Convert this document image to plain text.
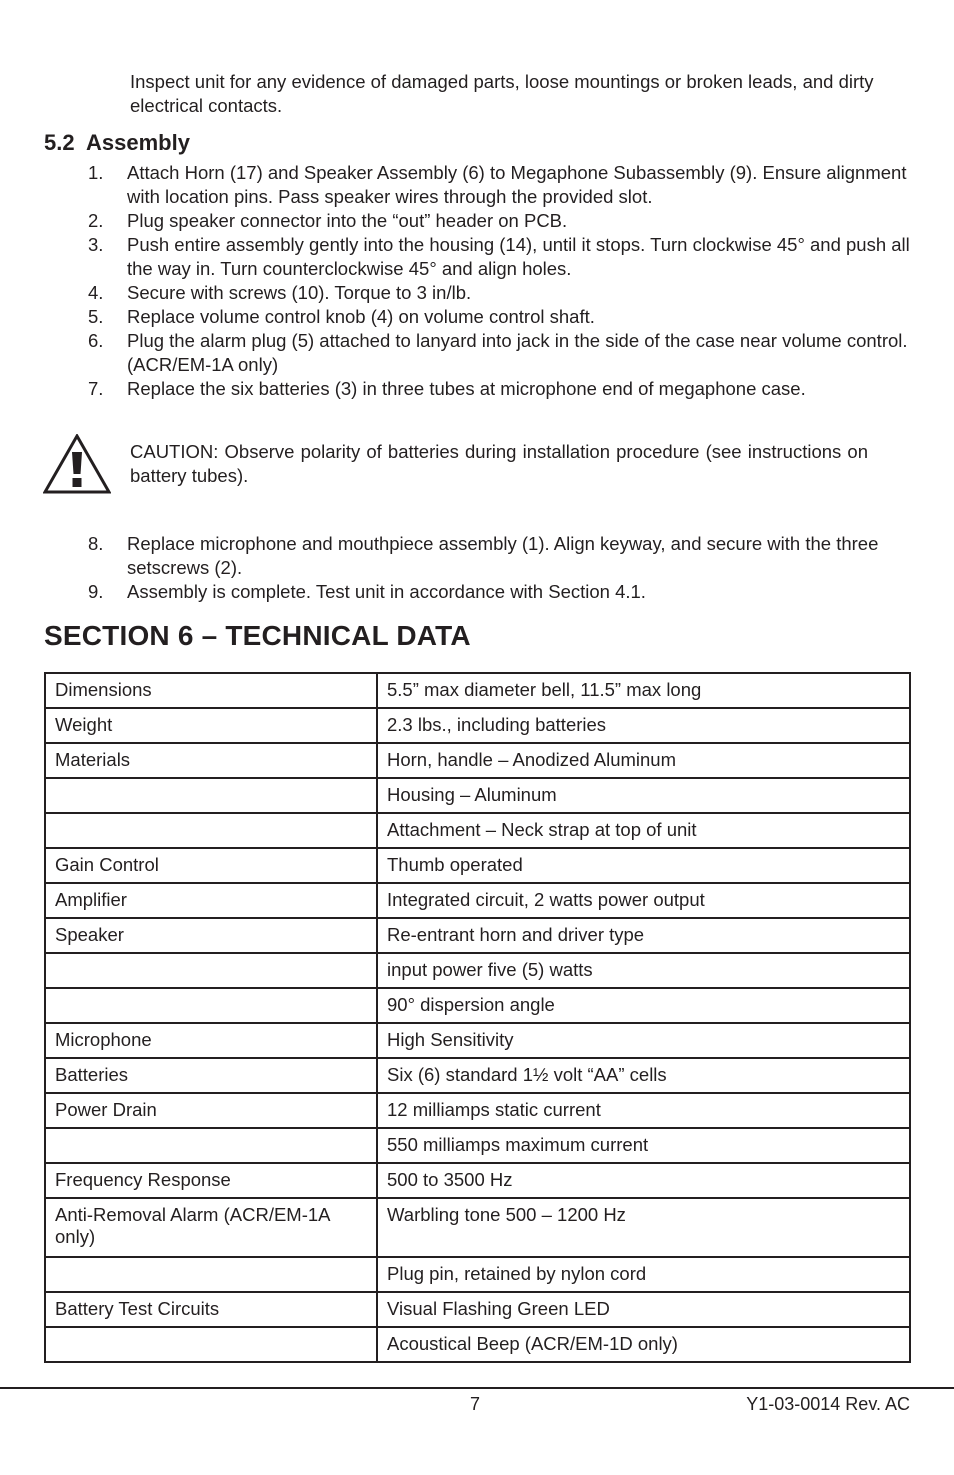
Inspect unit for any evidence of damaged parts, loose mountings or broken leads, and dirty electrical contacts.
5.2 Assembly
1. Attach Horn (17) and Speaker Assembly (6) to Megaphone Subassembly (9). Ensure alignment with location pins. Pass speaker wires through the provided slot.
2. Plug speaker connector into the “out” header on PCB.
3. Push entire assembly gently into the housing (14), until it stops. Turn clockwise 45° and push all the way in. Turn counterclockwise 45° and align holes.
4. Secure with screws (10). Torque to 3 in/lb.
5. Replace volume control knob (4) on volume control shaft.
6. Plug the alarm plug (5) attached to lanyard into jack in the side of the case near volume control. (ACR/EM-1A only)
7. Replace the six batteries (3) in three tubes at microphone end of megaphone case.
CAUTION: Observe polarity of batteries during installation procedure (see instructions on battery tubes).
8. Replace microphone and mouthpiece assembly (1). Align keyway, and secure with the three setscrews (2).
9. Assembly is complete. Test unit in accordance with Section 4.1.
SECTION 6 – TECHNICAL DATA
Dimensions	5.5” max diameter bell, 11.5” max long
Weight	2.3 lbs., including batteries
Materials	Horn, handle – Anodized Aluminum
	Housing – Aluminum
	Attachment – Neck strap at top of unit
Gain Control	Thumb operated
Amplifier	Integrated circuit, 2 watts power output
Speaker	Re-entrant horn and driver type
	input power five (5) watts
	90° dispersion angle
Microphone	High Sensitivity
Batteries	Six (6) standard 1½ volt “AA” cells
Power Drain	12 milliamps static current
	550 milliamps maximum current
Frequency Response	500 to 3500 Hz
Anti-Removal Alarm (ACR/EM-1A only)	Warbling tone 500 – 1200 Hz
	Plug pin, retained by nylon cord
Battery Test Circuits	Visual Flashing Green LED
	Acoustical Beep (ACR/EM-1D only)
7	Y1-03-0014 Rev. AC
